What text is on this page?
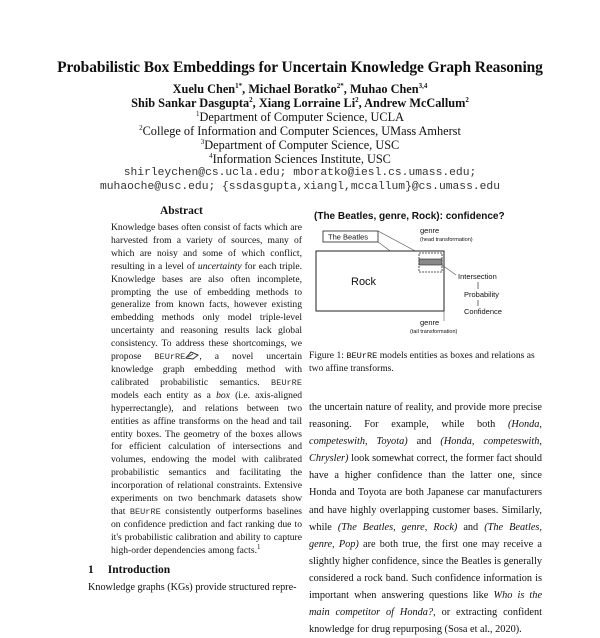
Probabilistic Box Embeddings for Uncertain Knowledge Graph Reasoning
Xuelu Chen$^{1*}$, Michael Boratko$^{2*}$, Muhao Chen$^{3,4}$
Shib Sankar Dasgupta$^2$, Xiang Lorraine Li$^2$, Andrew McCallum$^2$
$^1$Department of Computer Science, UCLA
$^2$College of Information and Computer Sciences, UMass Amherst
$^3$Department of Computer Science, USC
$^4$Information Sciences Institute, USC
shirleychen@cs.ucla.edu; mboratko@iesl.cs.umass.edu;
muhaoche@usc.edu; {ssdasgupta,xiangl,mccallum}@cs.umass.edu
Abstract

Knowledge bases often consist of facts which are harvested from a variety of sources, many of which are noisy and some of which conflict, resulting in a level of uncertainty for each triple. Knowledge bases are also often incomplete, prompting the use of embedding methods to generalize from known facts, however existing embedding methods only model triple-level uncertainty and reasoning results lack global consistency. To address these shortcomings, we propose BEUrRE , a novel uncertain knowledge graph embedding method with calibrated probabilistic semantics. BEUrRE models each entity as a box (i.e. axis-aligned hyperrectangle), and relations between two entities as affine transforms on the head and tail entity boxes. The geometry of the boxes allows for efficient calculation of intersections and volumes, endowing the model with calibrated probabilistic semantics and facilitating the incorporation of relational constraints. Extensive experiments on two benchmark datasets show that BEUrRE consistently outperforms baselines on confidence prediction and fact ranking due to it's probabilistic calibration and ability to capture high-order dependencies among facts.$^1$

1 Introduction

Knowledge graphs (KGs) provide structured repre-

(The Beatles, genre, Rock): confidence?
The Beatles
genre
(head transformation)
Rock	Intersection
Probability
Confidence
genre
(tail transformation)

Figure 1: BEUrRE models entities as boxes and relations as two affine transforms.

the uncertain nature of reality, and provide more precise reasoning. For example, while both (Honda, competeswith, Toyota) and (Honda, competeswith, Chrysler) look somewhat correct, the former fact should have a higher confidence than the latter one, since Honda and Toyota are both Japanese car manufacturers and have highly overlapping customer bases. Similarly, while (The Beatles, genre, Rock) and (The Beatles, genre, Pop) are both true, the first one may receive a slightly higher confidence, since the Beatles is generally considered a rock band. Such confidence information is important when answering questions like Who is the main competitor of Honda?, or extracting confident knowledge for drug repurposing (Sosa et al., 2020).
